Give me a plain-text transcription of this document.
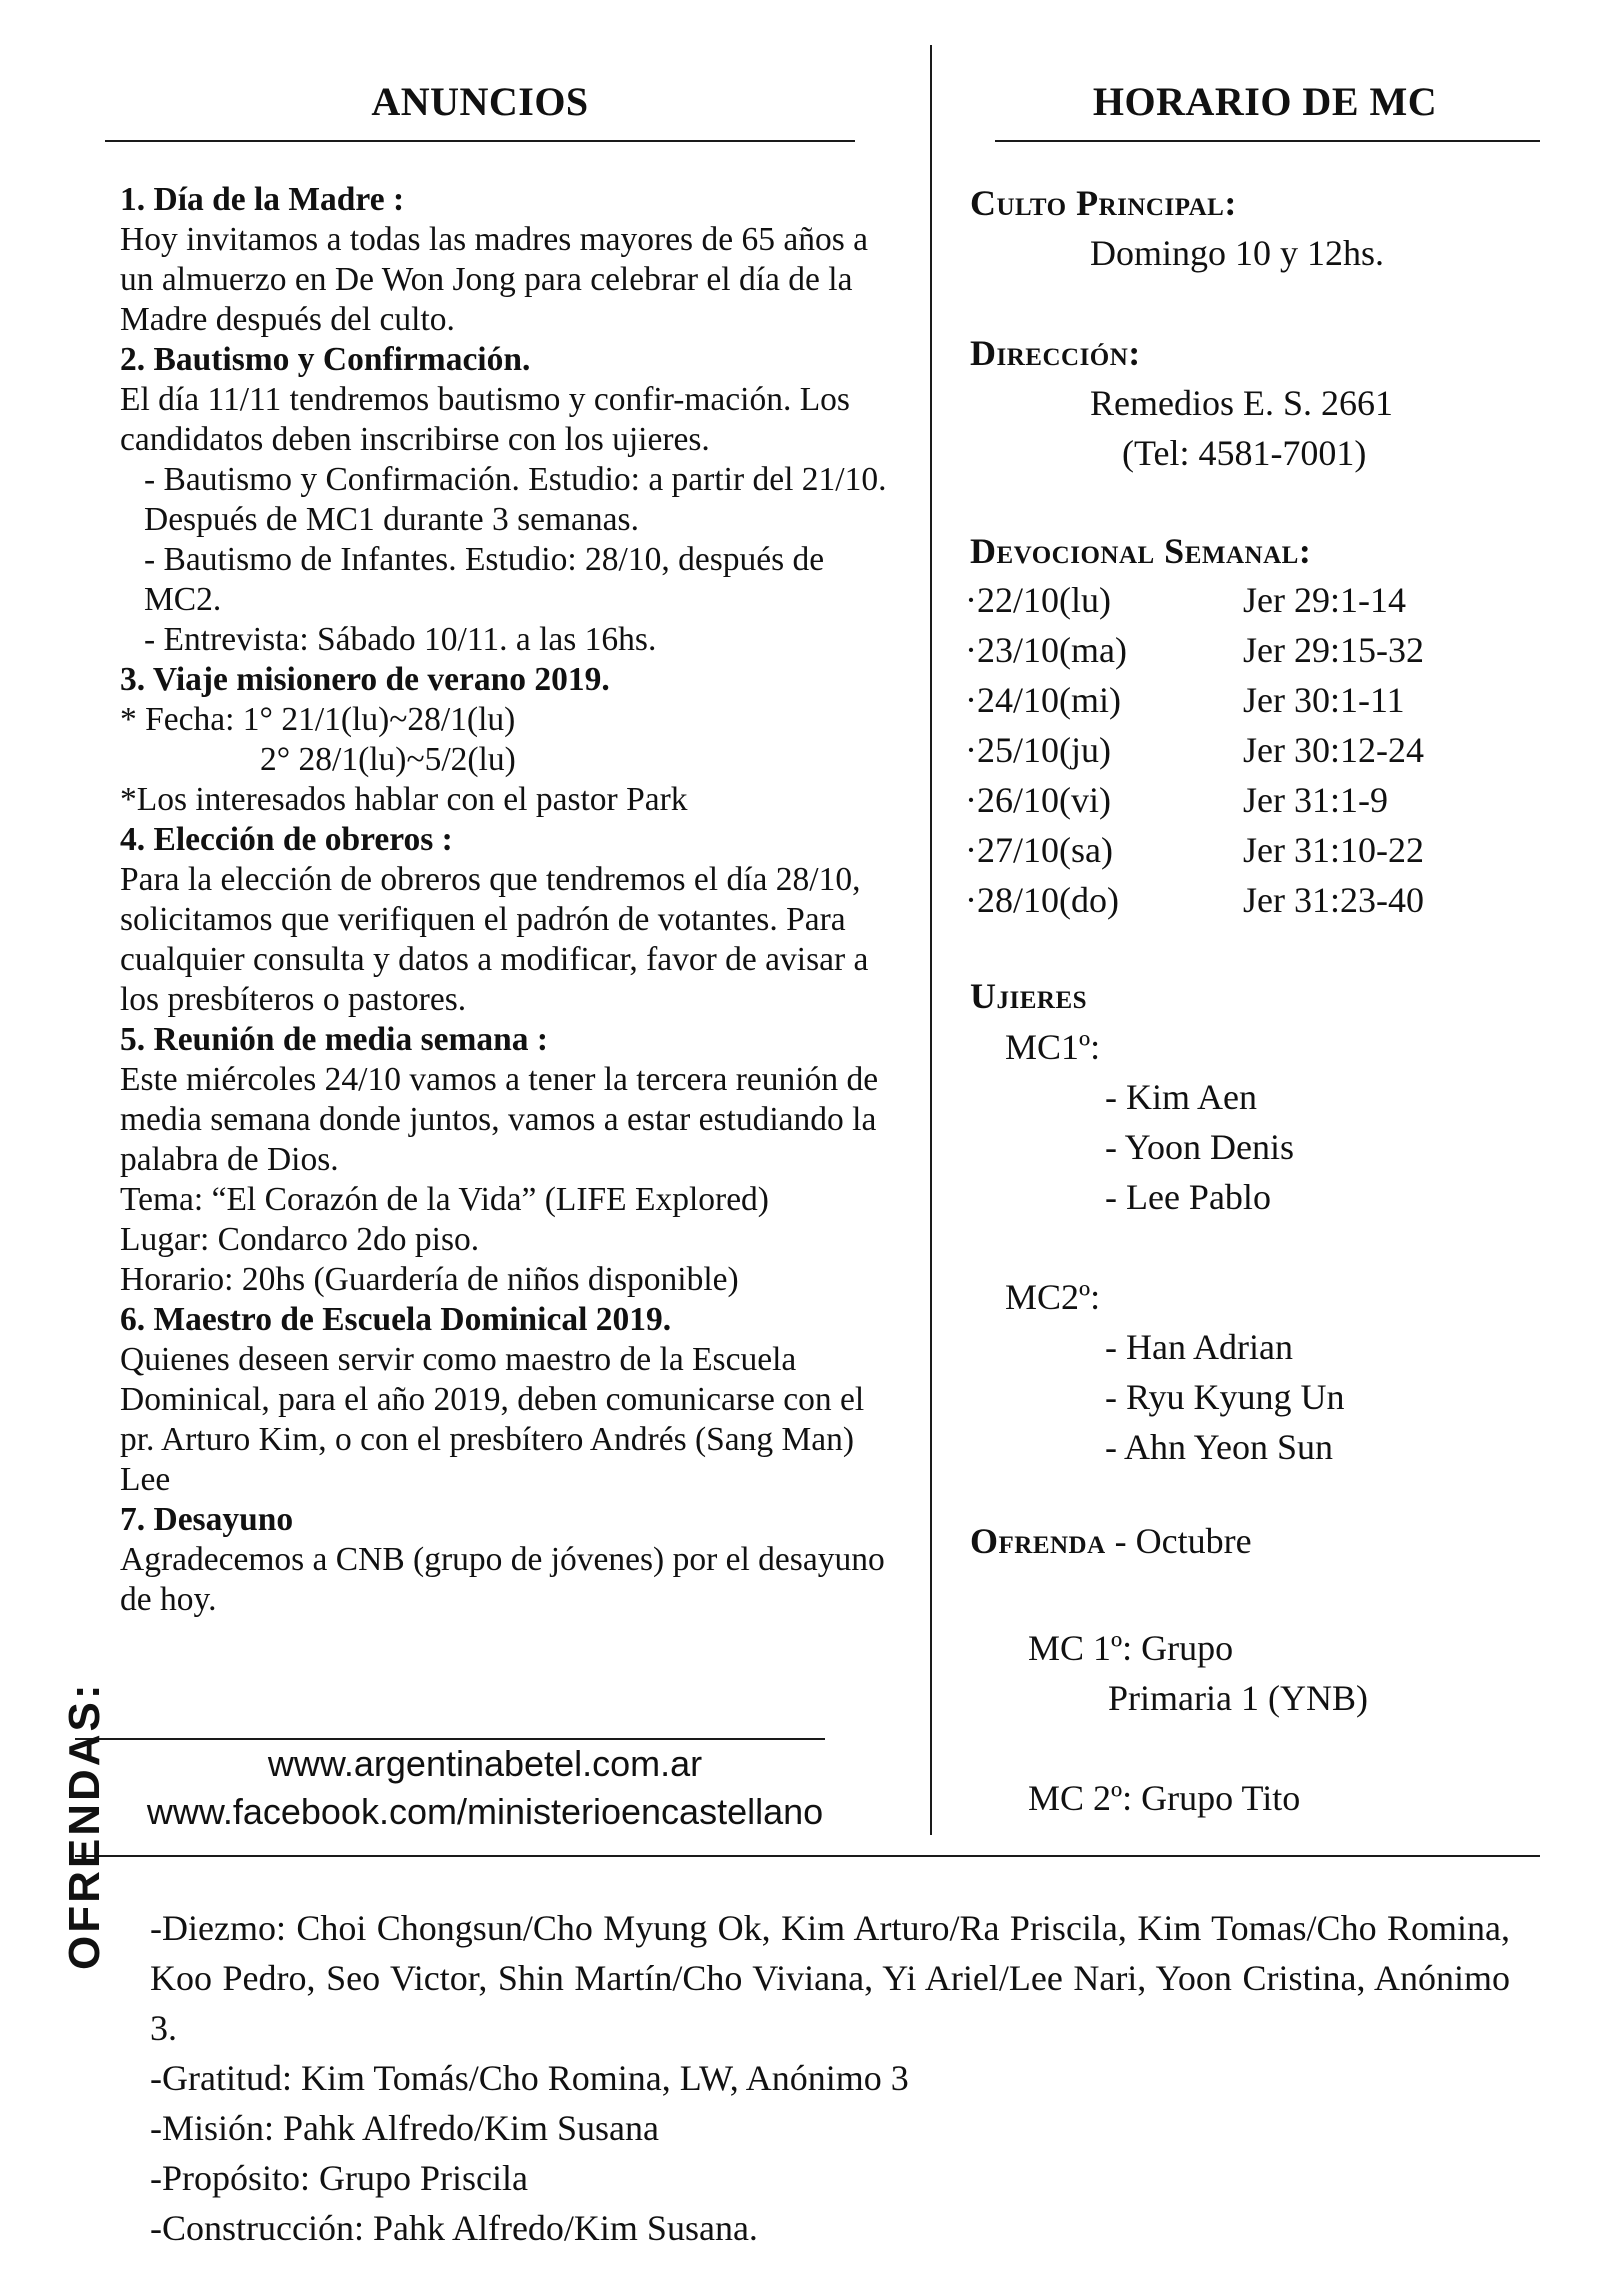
ANUNCIOS
1. Día de la Madre :
Hoy invitamos a todas las madres mayores de 65 años a un almuerzo en De Won Jong para celebrar el día de la Madre después del culto.
2. Bautismo y Confirmación.
El día 11/11 tendremos bautismo y confir-mación. Los candidatos deben inscribirse con los ujieres.
- Bautismo y Confirmación. Estudio: a partir del 21/10. Después de MC1 durante 3 semanas.
- Bautismo de Infantes. Estudio: 28/10, después de MC2.
- Entrevista: Sábado 10/11. a las 16hs.
3. Viaje misionero de verano 2019.
* Fecha: 1° 21/1(lu)~28/1(lu)
2° 28/1(lu)~5/2(lu)
*Los interesados hablar con el pastor Park
4. Elección de obreros :
Para la elección de obreros que tendremos el día 28/10, solicitamos que verifiquen el padrón de votantes. Para cualquier consulta y datos a modificar, favor de avisar a los presbíteros o pastores.
5. Reunión de media semana :
Este miércoles 24/10 vamos a tener la tercera reunión de media semana donde juntos, vamos a estar estudiando la palabra de Dios.
Tema: “El Corazón de la Vida” (LIFE Explored)
Lugar: Condarco 2do piso.
Horario: 20hs (Guardería de niños disponible)
6. Maestro de Escuela Dominical 2019.
Quienes deseen servir como maestro de la Escuela Dominical, para el año 2019, deben comunicarse con el pr. Arturo Kim, o con el presbítero Andrés (Sang Man) Lee
7. Desayuno
Agradecemos a CNB (grupo de jóvenes) por el desayuno de hoy.
www.argentinabetel.com.ar
www.facebook.com/ministerioencastellano
HORARIO DE MC
Culto Principal:
Domingo 10 y 12hs.
Dirección:
Remedios E. S. 2661
(Tel: 4581-7001)
Devocional Semanal:
·22/10(lu)	Jer 29:1-14
·23/10(ma)	Jer 29:15-32
·24/10(mi)	Jer 30:1-11
·25/10(ju)	Jer 30:12-24
·26/10(vi)	Jer 31:1-9
·27/10(sa)	Jer 31:10-22
·28/10(do)	Jer 31:23-40
Ujieres
MC1º:
- Kim Aen
- Yoon Denis
- Lee Pablo
MC2º:
- Han Adrian
- Ryu Kyung Un
- Ahn Yeon Sun
Ofrenda - Octubre
MC 1º: Grupo
Primaria 1 (YNB)
MC 2º: Grupo Tito
OFRENDAS:	-Diezmo: Choi Chongsun/Cho Myung Ok, Kim Arturo/Ra Priscila, Kim Tomas/Cho Romina, Koo Pedro, Seo Victor, Shin Martín/Cho Viviana, Yi Ariel/Lee Nari, Yoon Cristina, Anónimo 3.

-Gratitud: Kim Tomás/Cho Romina, LW, Anónimo 3

-Misión: Pahk Alfredo/Kim Susana

-Propósito: Grupo Priscila

-Construcción: Pahk Alfredo/Kim Susana.
